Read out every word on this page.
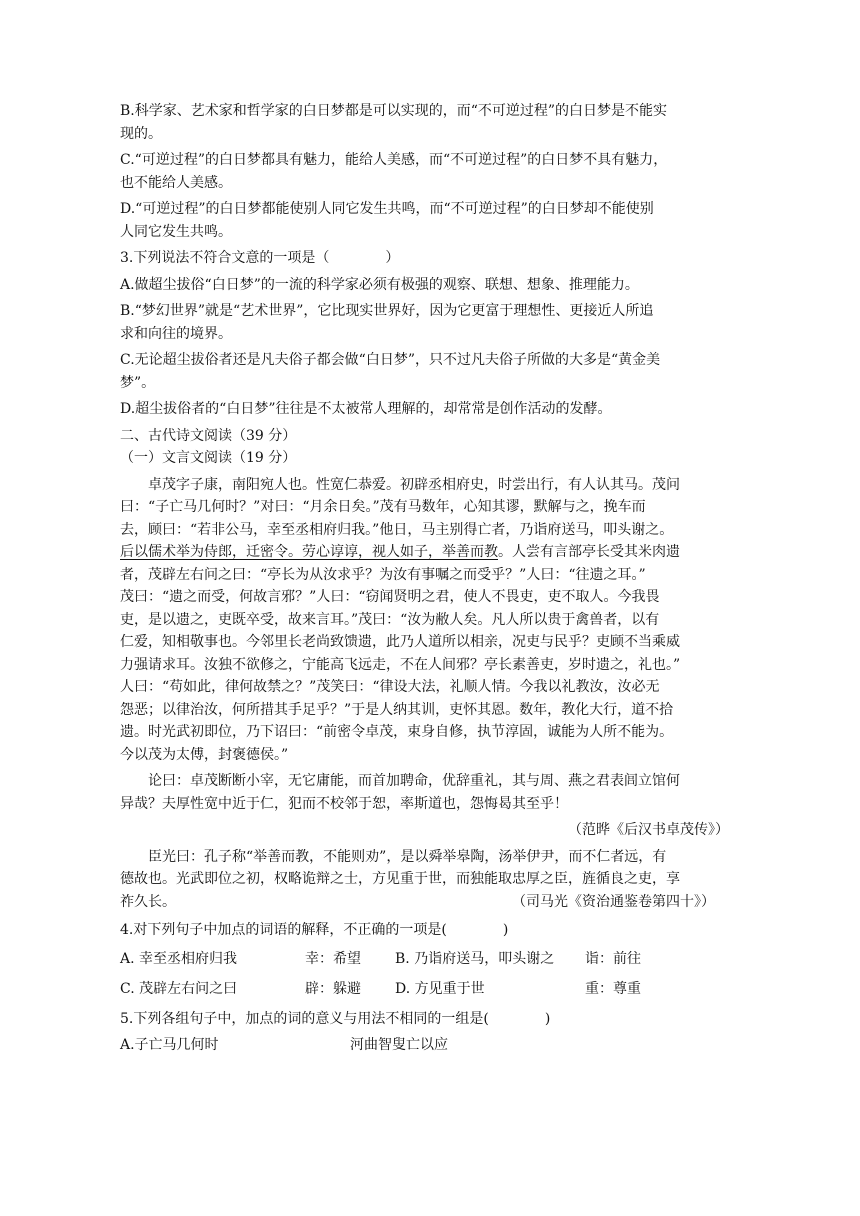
B.科学家、艺术家和哲学家的白日梦都是可以实现的，而“不可逆过程”的白日梦是不能实
现的。
C.“可逆过程”的白日梦都具有魅力，能给人美感，而“不可逆过程”的白日梦不具有魅力，
也不能给人美感。
D.“可逆过程”的白日梦都能使别人同它发生共鸣，而“不可逆过程”的白日梦却不能使别
人同它发生共鸣。
3.下列说法不符合文意的一项是（　　　　）
A.做超尘拔俗“白日梦”的一流的科学家必须有极强的观察、联想、想象、推理能力。
B.“梦幻世界”就是“艺术世界”，它比现实世界好，因为它更富于理想性、更接近人所追
求和向往的境界。
C.无论超尘拔俗者还是凡夫俗子都会做“白日梦”，只不过凡夫俗子所做的大多是“黄金美
梦”。
D.超尘拔俗者的“白日梦”往往是不太被常人理解的，却常常是创作活动的发酵。
二、古代诗文阅读（39 分）
（一）文言文阅读（19 分）
卓茂字子康，南阳宛人也。性宽仁恭爱。初辟丞相府史，时尝出行，有人认其马。茂问
曰：“子亡马几何时？”对曰：“月余日矣。”茂有马数年，心知其谬，默解与之，挽车而
去，顾曰：“若非公马，幸至丞相府归我。”他日，马主别得亡者，乃诣府送马，叩头谢之。
后以儒术举为侍郎，迁密令。劳心谆谆，视人如子，举善而教。人尝有言部亭长受其米肉遗
者，茂辟左右问之曰：“亭长为从汝求乎？为汝有事嘱之而受乎？”人曰：“往遗之耳。”
茂曰：“遗之而受，何故言邪？”人曰：“窃闻贤明之君，使人不畏吏，吏不取人。今我畏
吏，是以遗之，吏既卒受，故来言耳。”茂曰：“汝为敝人矣。凡人所以贵于禽兽者，以有
仁爱，知相敬事也。今邻里长老尚致馈遗，此乃人道所以相亲，况吏与民乎？吏顾不当乘威
力强请求耳。汝独不欲修之，宁能高飞远走，不在人间邪？亭长素善吏，岁时遗之，礼也。”
人曰：“苟如此，律何故禁之？”茂笑曰：“律设大法，礼顺人情。今我以礼教汝，汝必无
怨恶；以律治汝，何所措其手足乎？”于是人纳其训，吏怀其恩。数年，教化大行，道不拾
遗。时光武初即位，乃下诏曰：“前密令卓茂，束身自修，执节淳固，诚能为人所不能为。
今以茂为太傅，封褒德侯。”
论曰：卓茂断断小宰，无它庸能，而首加聘命，优辞重礼，其与周、燕之君表闾立馆何
异哉？夫厚性宽中近于仁，犯而不校邻于恕，率斯道也，怨悔曷其至乎！
（范晔《后汉书卓茂传》）
臣光曰：孔子称“举善而教，不能则劝”，是以舜举皋陶，汤举伊尹，而不仁者远，有
德故也。光武即位之初，权略诡辩之士，方见重于世，而独能取忠厚之臣，旌循良之吏，享
祚久长。	（司马光《资治通鉴卷第四十》）
4.对下列句子中加点的词语的解释，不正确的一项是(　　　　)
A. 幸至丞相府归我	幸：希望	B. 乃诣府送马，叩头谢之	诣：前往
C. 茂辟左右问之曰	辟：躲避	D. 方见重于世	重：尊重
5.下列各组句子中，加点的词的意义与用法不相同的一组是(　　　　)
A.子亡马几何时	河曲智叟亡以应
